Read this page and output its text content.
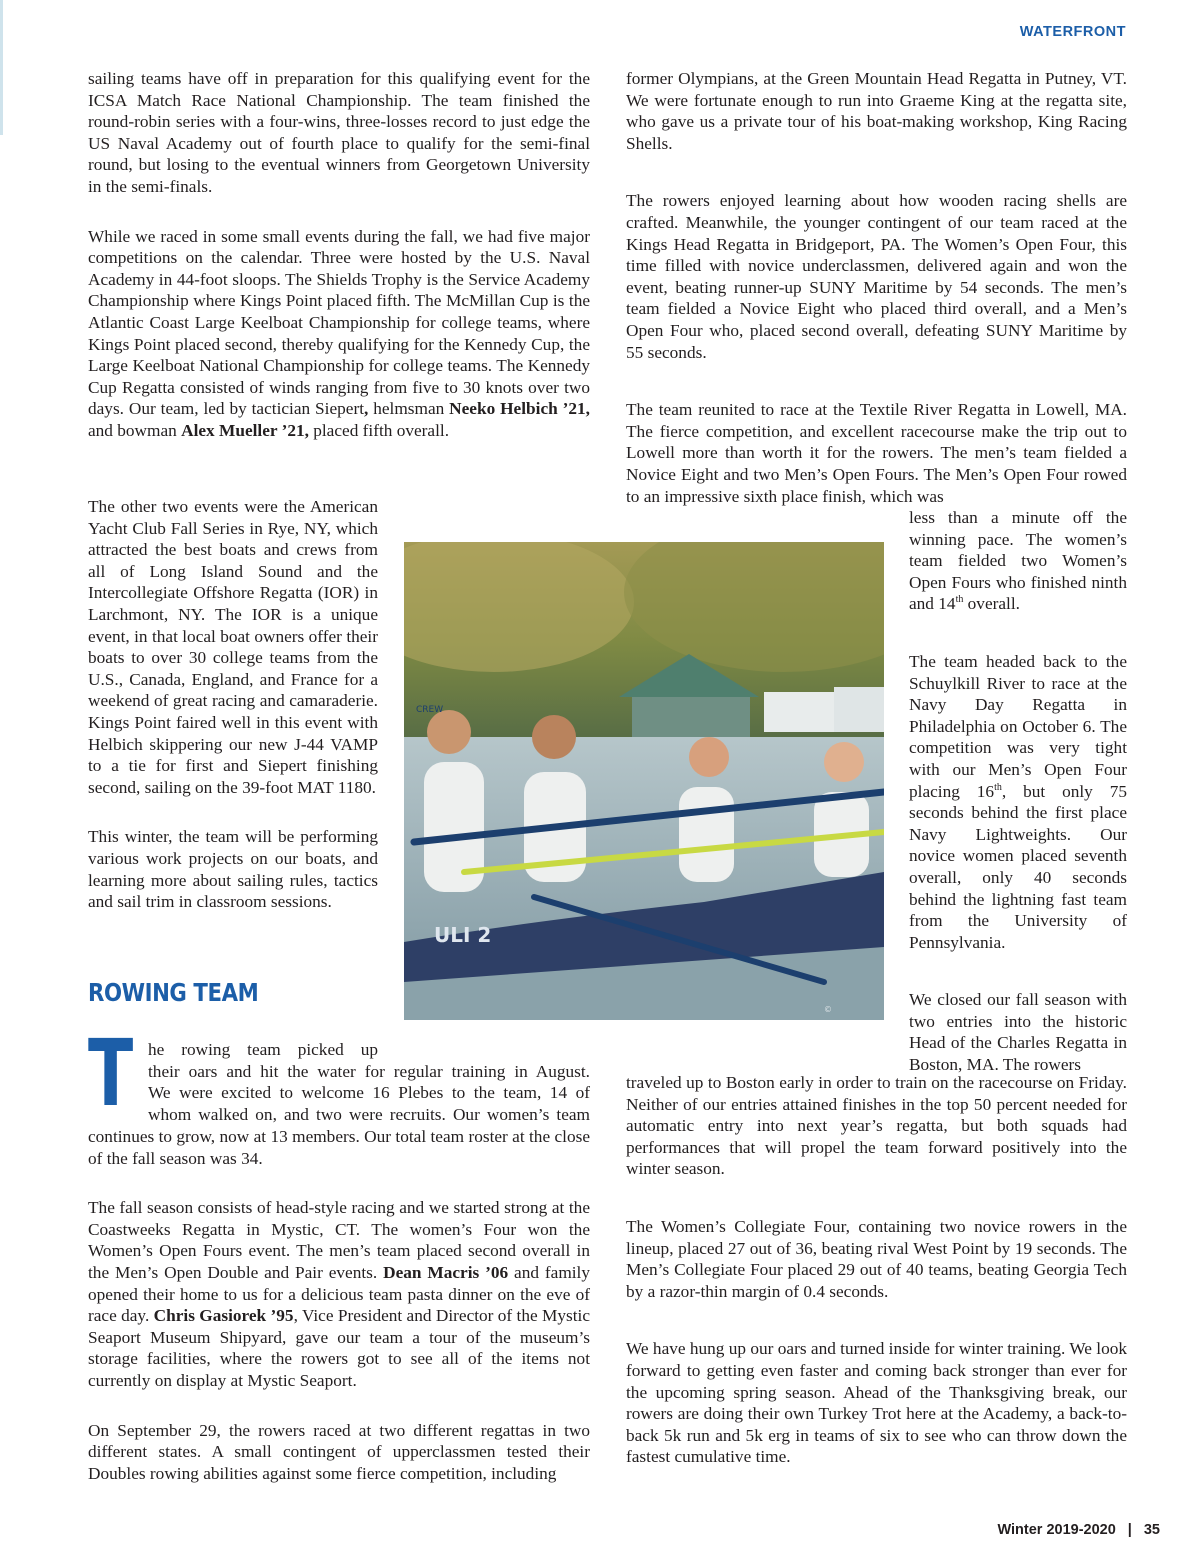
WATERFRONT

sailing teams have off in preparation for this qualifying event for the ICSA Match Race National Championship. The team finished the round-robin series with a four-wins, three-losses record to just edge the US Naval Academy out of fourth place to qualify for the semi-final round, but losing to the eventual winners from Georgetown University in the semi-finals.

While we raced in some small events during the fall, we had five major competitions on the calendar. Three were hosted by the U.S. Naval Academy in 44-foot sloops. The Shields Trophy is the Service Academy Championship where Kings Point placed fifth. The McMillan Cup is the Atlantic Coast Large Keelboat Championship for college teams, where Kings Point placed second, thereby qualifying for the Kennedy Cup, the Large Keelboat National Championship for college teams. The Kennedy Cup Regatta consisted of winds ranging from five to 30 knots over two days. Our team, led by tactician Siepert, helmsman Neeko Helbich ’21, and bowman Alex Mueller ’21, placed fifth overall.

The other two events were the American Yacht Club Fall Series in Rye, NY, which attracted the best boats and crews from all of Long Island Sound and the Intercollegiate Offshore Regatta (IOR) in Larchmont, NY. The IOR is a unique event, in that local boat owners offer their boats to over 30 college teams from the U.S., Canada, England, and France for a weekend of great racing and camaraderie. Kings Point faired well in this event with Helbich skippering our new J-44 VAMP to a tie for first and Siepert finishing second, sailing on the 39-foot MAT 1180.

This winter, the team will be performing various work projects on our boats, and learning more about sailing rules, tactics and sail trim in classroom sessions.

CREW
ULI 2
©
ROWING TEAM
T he rowing team picked up
their oars and hit the water for regular training in August.
We were excited to welcome 16 Plebes to the team, 14 of
whom walked on, and two were recruits. Our women’s team

continues to grow, now at 13 members. Our total team roster at the close of the fall season was 34.

The fall season consists of head-style racing and we started strong at the Coastweeks Regatta in Mystic, CT. The women’s Four won the Women’s Open Fours event. The men’s team placed second overall in the Men’s Open Double and Pair events. Dean Macris ’06 and family opened their home to us for a delicious team pasta dinner on the eve of race day. Chris Gasiorek ’95, Vice President and Director of the Mystic Seaport Museum Shipyard, gave our team a tour of the museum’s storage facilities, where the rowers got to see all of the items not currently on display at Mystic Seaport.

On September 29, the rowers raced at two different regattas in two different states. A small contingent of upperclassmen tested their Doubles rowing abilities against some fierce competition, including

former Olympians, at the Green Mountain Head Regatta in Putney, VT. We were fortunate enough to run into Graeme King at the regatta site, who gave us a private tour of his boat-making workshop, King Racing Shells.

The rowers enjoyed learning about how wooden racing shells are crafted. Meanwhile, the younger contingent of our team raced at the Kings Head Regatta in Bridgeport, PA. The Women’s Open Four, this time filled with novice underclassmen, delivered again and won the event, beating runner-up SUNY Maritime by 54 seconds. The men’s team fielded a Novice Eight who placed third overall, and a Men’s Open Four who, placed second overall, defeating SUNY Maritime by 55 seconds.

The team reunited to race at the Textile River Regatta in Lowell, MA. The fierce competition, and excellent racecourse make the trip out to Lowell more than worth it for the rowers. The men’s team fielded a Novice Eight and two Men’s Open Fours. The Men’s Open Four rowed to an impressive sixth place finish, which was

less than a minute off the winning pace. The women’s team fielded two Women’s Open Fours who finished ninth and 14th overall.

The team headed back to the Schuylkill River to race at the Navy Day Regatta in Philadelphia on October 6. The competition was very tight with our Men’s Open Four placing 16th, but only 75 seconds behind the first place Navy Lightweights. Our novice women placed seventh overall, only 40 seconds behind the lightning fast team from the University of Pennsylvania.

We closed our fall season with two entries into the historic Head of the Charles Regatta in Boston, MA. The rowers

traveled up to Boston early in order to train on the racecourse on Friday. Neither of our entries attained finishes in the top 50 percent needed for automatic entry into next year’s regatta, but both squads had performances that will propel the team forward positively into the winter season.

The Women’s Collegiate Four, containing two novice rowers in the lineup, placed 27 out of 36, beating rival West Point by 19 seconds. The Men’s Collegiate Four placed 29 out of 40 teams, beating Georgia Tech by a razor-thin margin of 0.4 seconds.

We have hung up our oars and turned inside for winter training. We look forward to getting even faster and coming back stronger than ever for the upcoming spring season. Ahead of the Thanksgiving break, our rowers are doing their own Turkey Trot here at the Academy, a back-to-back 5k run and 5k erg in teams of six to see who can throw down the fastest cumulative time.

Winter 2019-2020 | 35
